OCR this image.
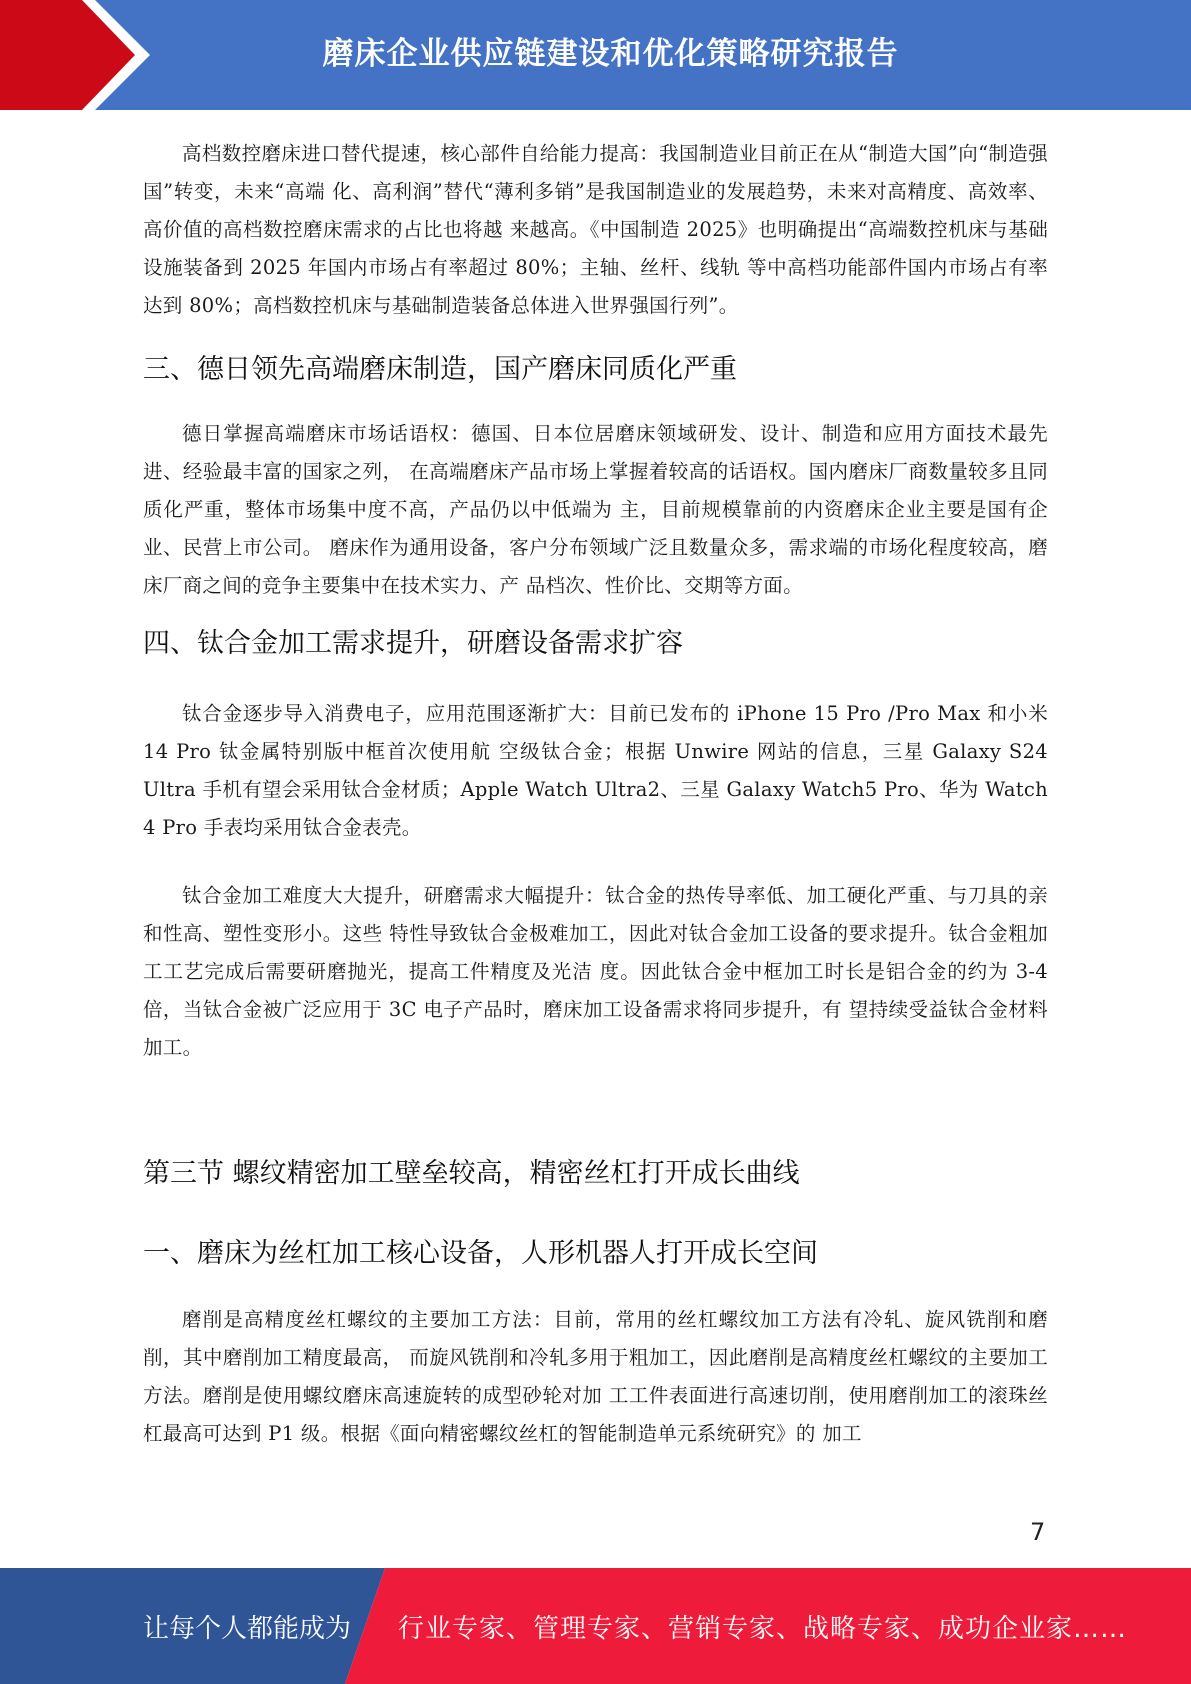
磨床企业供应链建设和优化策略研究报告

高档数控磨床进口替代提速，核心部件自给能力提高：我国制造业目前正在从“制造大国”向“制造强国”转变，未来“高端 化、高利润”替代“薄利多销”是我国制造业的发展趋势，未来对高精度、高效率、高价值的高档数控磨床需求的占比也将越 来越高。《中国制造 2025》也明确提出“高端数控机床与基础设施装备到 2025 年国内市场占有率超过 80%；主轴、丝杆、线轨 等中高档功能部件国内市场占有率达到 80%；高档数控机床与基础制造装备总体进入世界强国行列”。

三、德日领先高端磨床制造，国产磨床同质化严重

德日掌握高端磨床市场话语权：德国、日本位居磨床领域研发、设计、制造和应用方面技术最先进、经验最丰富的国家之列， 在高端磨床产品市场上掌握着较高的话语权。国内磨床厂商数量较多且同质化严重，整体市场集中度不高，产品仍以中低端为 主，目前规模靠前的内资磨床企业主要是国有企业、民营上市公司。 磨床作为通用设备，客户分布领域广泛且数量众多，需求端的市场化程度较高，磨床厂商之间的竞争主要集中在技术实力、产 品档次、性价比、交期等方面。

四、钛合金加工需求提升，研磨设备需求扩容

钛合金逐步导入消费电子，应用范围逐渐扩大：目前已发布的 iPhone 15 Pro /Pro Max 和小米 14 Pro 钛金属特别版中框首次使用航 空级钛合金；根据 Unwire 网站的信息，三星 Galaxy S24 Ultra 手机有望会采用钛合金材质；Apple Watch Ultra2、三星 Galaxy Watch5 Pro、华为 Watch 4 Pro 手表均采用钛合金表壳。

钛合金加工难度大大提升，研磨需求大幅提升：钛合金的热传导率低、加工硬化严重、与刀具的亲和性高、塑性变形小。这些 特性导致钛合金极难加工，因此对钛合金加工设备的要求提升。钛合金粗加工工艺完成后需要研磨抛光，提高工件精度及光洁 度。因此钛合金中框加工时长是铝合金的约为 3-4 倍，当钛合金被广泛应用于 3C 电子产品时，磨床加工设备需求将同步提升，有 望持续受益钛合金材料加工。

第三节 螺纹精密加工壁垒较高，精密丝杠打开成长曲线
一、磨床为丝杠加工核心设备，人形机器人打开成长空间

磨削是高精度丝杠螺纹的主要加工方法：目前，常用的丝杠螺纹加工方法有冷轧、旋风铣削和磨削，其中磨削加工精度最高， 而旋风铣削和冷轧多用于粗加工，因此磨削是高精度丝杠螺纹的主要加工方法。磨削是使用螺纹磨床高速旋转的成型砂轮对加 工工件表面进行高速切削，使用磨削加工的滚珠丝杠最高可达到 P1 级。根据《面向精密螺纹丝杠的智能制造单元系统研究》的 加工

7
让每个人都能成为 行业专家、管理专家、营销专家、战略专家、成功企业家……
